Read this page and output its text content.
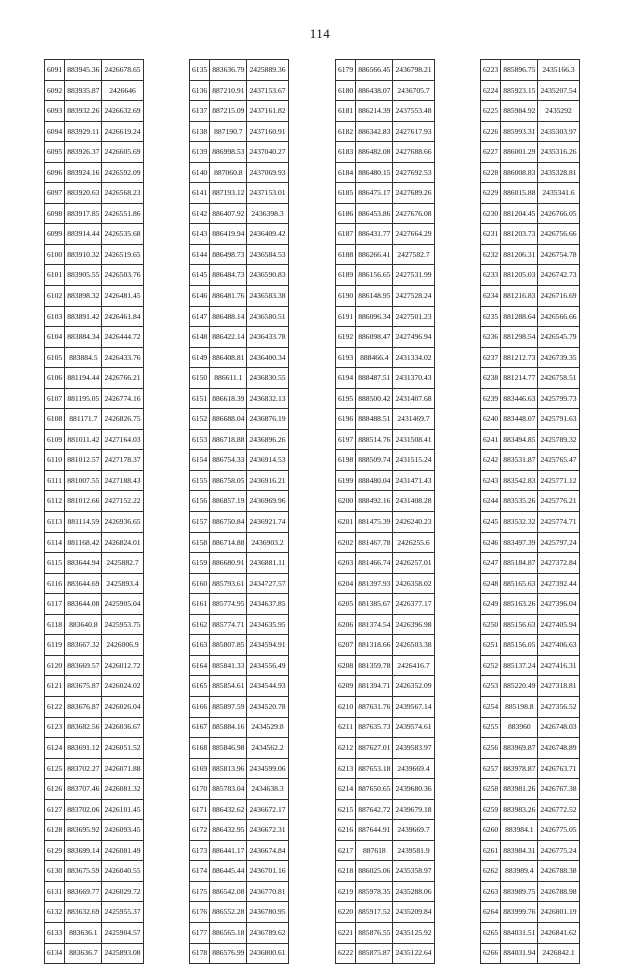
114
6091	883945.36	2426678.65
6092	883935.87	2426646
6093	883932.26	2426632.69
6094	883929.11	2426619.24
6095	883926.37	2426605.69
6096	883924.16	2426592.09
6097	883920.63	2426568.23
6098	883917.85	2426551.86
6099	883914.44	2426535.68
6100	883910.32	2426519.65
6101	883905.55	2426503.76
6102	883898.32	2426481.45
6103	883891.42	2426461.84
6104	883884.34	2426444.72
6105	883884.5	2426433.76
6106	881194.44	2426766.21
6107	881195.05	2426774.16
6108	881171.7	2426826.75
6109	881011.42	2427164.03
6110	881012.57	2427178.37
6111	881007.55	2427188.43
6112	881012.66	2427152.22
6113	881114.59	2426936.65
6114	881168.42	2426824.01
6115	883644.94	2425882.7
6116	883644.69	2425893.4
6117	883644.08	2425905.04
6118	883640.8	2425953.75
6119	883667.32	2426006.9
6120	883669.57	2426012.72
6121	883675.87	2426024.02
6122	883676.87	2426026.04
6123	883682.56	2426036.67
6124	883691.12	2426051.52
6125	883702.27	2426071.88
6126	883707.46	2426081.32
6127	883702.06	2426101.45
6128	883695.92	2426093.45
6129	883699.14	2426081.49
6130	883675.59	2426040.55
6131	883669.77	2426029.72
6132	883632.69	2425955.37
6133	883636.1	2425904.57
6134	883636.7	2425893.08
6135	883636.79	2425889.36
6136	887210.91	2437153.67
6137	887215.09	2437161.82
6138	887190.7	2437160.91
6139	886998.53	2437040.27
6140	887060.8	2437069.93
6141	887193.12	2437153.01
6142	886407.92	2436398.3
6143	886419.94	2436409.42
6144	886498.73	2436584.53
6145	886484.73	2436590.83
6146	886481.76	2436583.38
6147	886488.14	2436580.51
6148	886422.14	2436433.78
6149	886408.81	2436400.34
6150	886611.1	2436830.55
6151	886618.39	2436832.13
6152	886688.04	2436876.19
6153	886718.88	2436896.26
6154	886754.33	2436914.53
6155	886758.05	2436916.21
6156	886857.19	2436969.96
6157	886750.84	2436921.74
6158	886714.88	2436903.2
6159	886680.91	2436881.11
6160	885793.61	2434727.57
6161	885774.95	2434637.85
6162	885774.71	2434635.95
6163	885807.85	2434594.91
6164	885841.33	2434556.49
6165	885854.61	2434544.93
6166	885897.59	2434520.78
6167	885884.16	2434529.8
6168	885846.98	2434562.2
6169	885813.96	2434599.06
6170	885783.04	2434638.3
6171	886432.62	2436672.17
6172	886432.95	2436672.31
6173	886441.17	2436674.84
6174	886445.44	2436701.16
6175	886542.08	2436770.81
6176	886552.28	2436780.95
6177	886565.18	2436789.62
6178	886576.99	2436800.61
6179	886566.45	2436798.21
6180	886438.07	2436705.7
6181	886214.39	2437553.48
6182	886342.83	2427617.93
6183	886482.08	2427688.66
6184	886480.15	2427692.53
6185	886475.17	2427689.26
6186	886453.86	2427676.08
6187	886431.77	2427664.29
6188	886266.41	2427582.7
6189	886156.65	2427531.99
6190	886148.95	2427528.24
6191	886096.34	2427501.23
6192	886098.47	2427496.94
6193	888466.4	2431334.02
6194	888487.51	2431370.43
6195	888500.42	2431407.68
6196	888488.51	2431469.7
6197	888514.76	2431508.41
6198	888509.74	2431515.24
6199	888480.04	2431471.43
6200	888492.16	2431408.28
6201	881475.39	2426240.23
6202	881467.78	2426255.6
6203	881466.74	2426257.01
6204	881397.93	2426358.02
6205	881385.67	2426377.17
6206	881374.54	2426396.98
6207	881318.66	2426503.38
6208	881359.78	2426416.7
6209	881394.71	2426352.09
6210	887631.76	2439567.14
6211	887635.73	2439574.61
6212	887627.01	2439583.97
6213	887653.18	2439669.4
6214	887650.65	2439680.36
6215	887642.72	2439679.18
6216	887644.91	2439669.7
6217	887618	2439581.9
6218	886025.06	2435358.97
6219	885978.35	2435288.06
6220	885917.52	2435209.84
6221	885876.55	2435125.92
6222	885875.87	2435122.64
6223	885896.75	2435166.3
6224	885923.15	2435207.54
6225	885984.92	2435292
6226	885993.31	2435303.97
6227	886001.29	2435316.26
6228	886008.83	2435328.81
6229	886015.88	2435341.6
6230	881204.45	2426766.05
6231	881203.73	2426756.66
6232	881206.31	2426754.78
6233	881205.03	2426742.73
6234	881216.83	2426716.69
6235	881288.64	2426566.66
6236	881298.54	2426545.79
6237	881212.73	2426739.35
6238	881214.77	2426758.51
6239	883446.63	2425799.73
6240	883448.07	2425791.63
6241	883494.85	2425789.32
6242	883531.87	2425765.47
6243	883542.83	2425771.12
6244	883535.26	2425776.21
6245	883532.32	2425774.71
6246	883497.39	2425797.24
6247	885184.87	2427372.84
6248	885165.63	2427392.44
6249	885163.26	2427396.04
6250	885156.63	2427405.94
6251	885156.05	2427406.63
6252	885137.24	2427416.31
6253	885220.49	2427318.81
6254	885198.8	2427356.52
6255	883960	2426748.03
6256	883969.87	2426748.89
6257	883978.87	2426763.71
6258	883981.26	2426767.38
6259	883983.26	2426772.52
6260	883984.1	2426775.05
6261	883984.31	2426775.24
6262	883989.4	2426788.38
6263	883989.75	2426788.98
6264	883999.76	2426801.19
6265	884031.51	2426841.62
6266	884031.94	2426842.1
